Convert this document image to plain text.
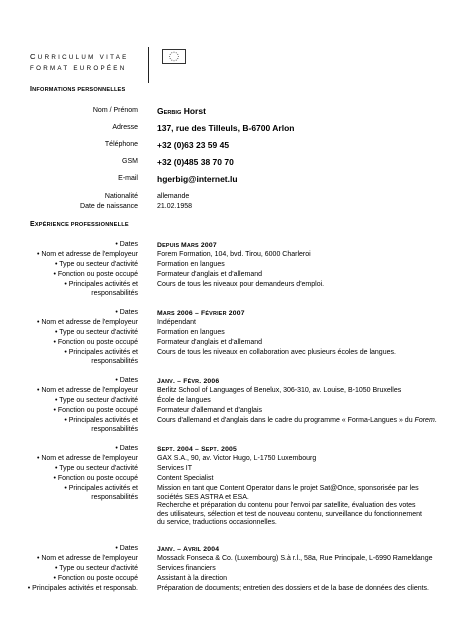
CURRICULUM VITAE
FORMAT EUROPÉEN
INFORMATIONS PERSONNELLES
Nom / Prénom GERBIG Horst
Adresse 137, rue des Tilleuls, B-6700 Arlon
Téléphone +32 (0)63 23 59 45
GSM +32 (0)485 38 70 70
E-mail hgerbig@internet.lu
Nationalité	allemande
Date de naissance	21.02.1958
EXPÉRIENCE PROFESSIONNELLE
• Dates	DEPUIS MARS 2007
• Nom et adresse de l'employeur	Forem Formation, 104, bvd. Tirou, 6000 Charleroi
• Type ou secteur d'activité	Formation en langues
• Fonction ou poste occupé	Formateur d'anglais et d'allemand
• Principales activités et responsabilités
Cours de tous les niveaux pour demandeurs d'emploi.
• Dates	MARS 2006 – FÉVRIER 2007
• Nom et adresse de l'employeur	Indépendant
• Type ou secteur d'activité	Formation en langues
• Fonction ou poste occupé	Formateur d'anglais et d'allemand
• Principales activités et responsabilités
Cours de tous les niveaux en collaboration avec plusieurs écoles de langues.
• Dates	JANV. – FÉVR. 2006
• Nom et adresse de l'employeur	Berlitz School of Languages of Benelux, 306-310, av. Louise, B-1050 Bruxelles
• Type ou secteur d'activité	École de langues
• Fonction ou poste occupé	Formateur d'allemand et d'anglais
• Principales activités et responsabilités
Cours d'allemand et d'anglais dans le cadre du programme « Forma-Langues » du Forem.
• Dates	SEPT. 2004 – SEPT. 2005
• Nom et adresse de l'employeur	GAX S.A., 90, av. Victor Hugo, L-1750 Luxembourg
• Type ou secteur d'activité	Services IT
• Fonction ou poste occupé	Content Specialist
• Principales activités et responsabilités
Mission en tant que Content Operator dans le projet Sat@Once, sponsorisée par les sociétés SES ASTRA et ESA.
Recherche et préparation du contenu pour l'envoi par satellite, évaluation des votes des utilisateurs, sélection et test de nouveau contenu, surveillance du fonctionnement du service, traductions occasionnelles.
• Dates	JANV. – AVRIL 2004
• Nom et adresse de l'employeur	Mossack Fonseca & Co. (Luxembourg) S.à r.l., 58a, Rue Principale, L-6990 Rameldange
• Type ou secteur d'activité	Services financiers
• Fonction ou poste occupé	Assistant à la direction
• Principales activités et responsab.	Préparation de documents; entretien des dossiers et de la base de données des clients.
